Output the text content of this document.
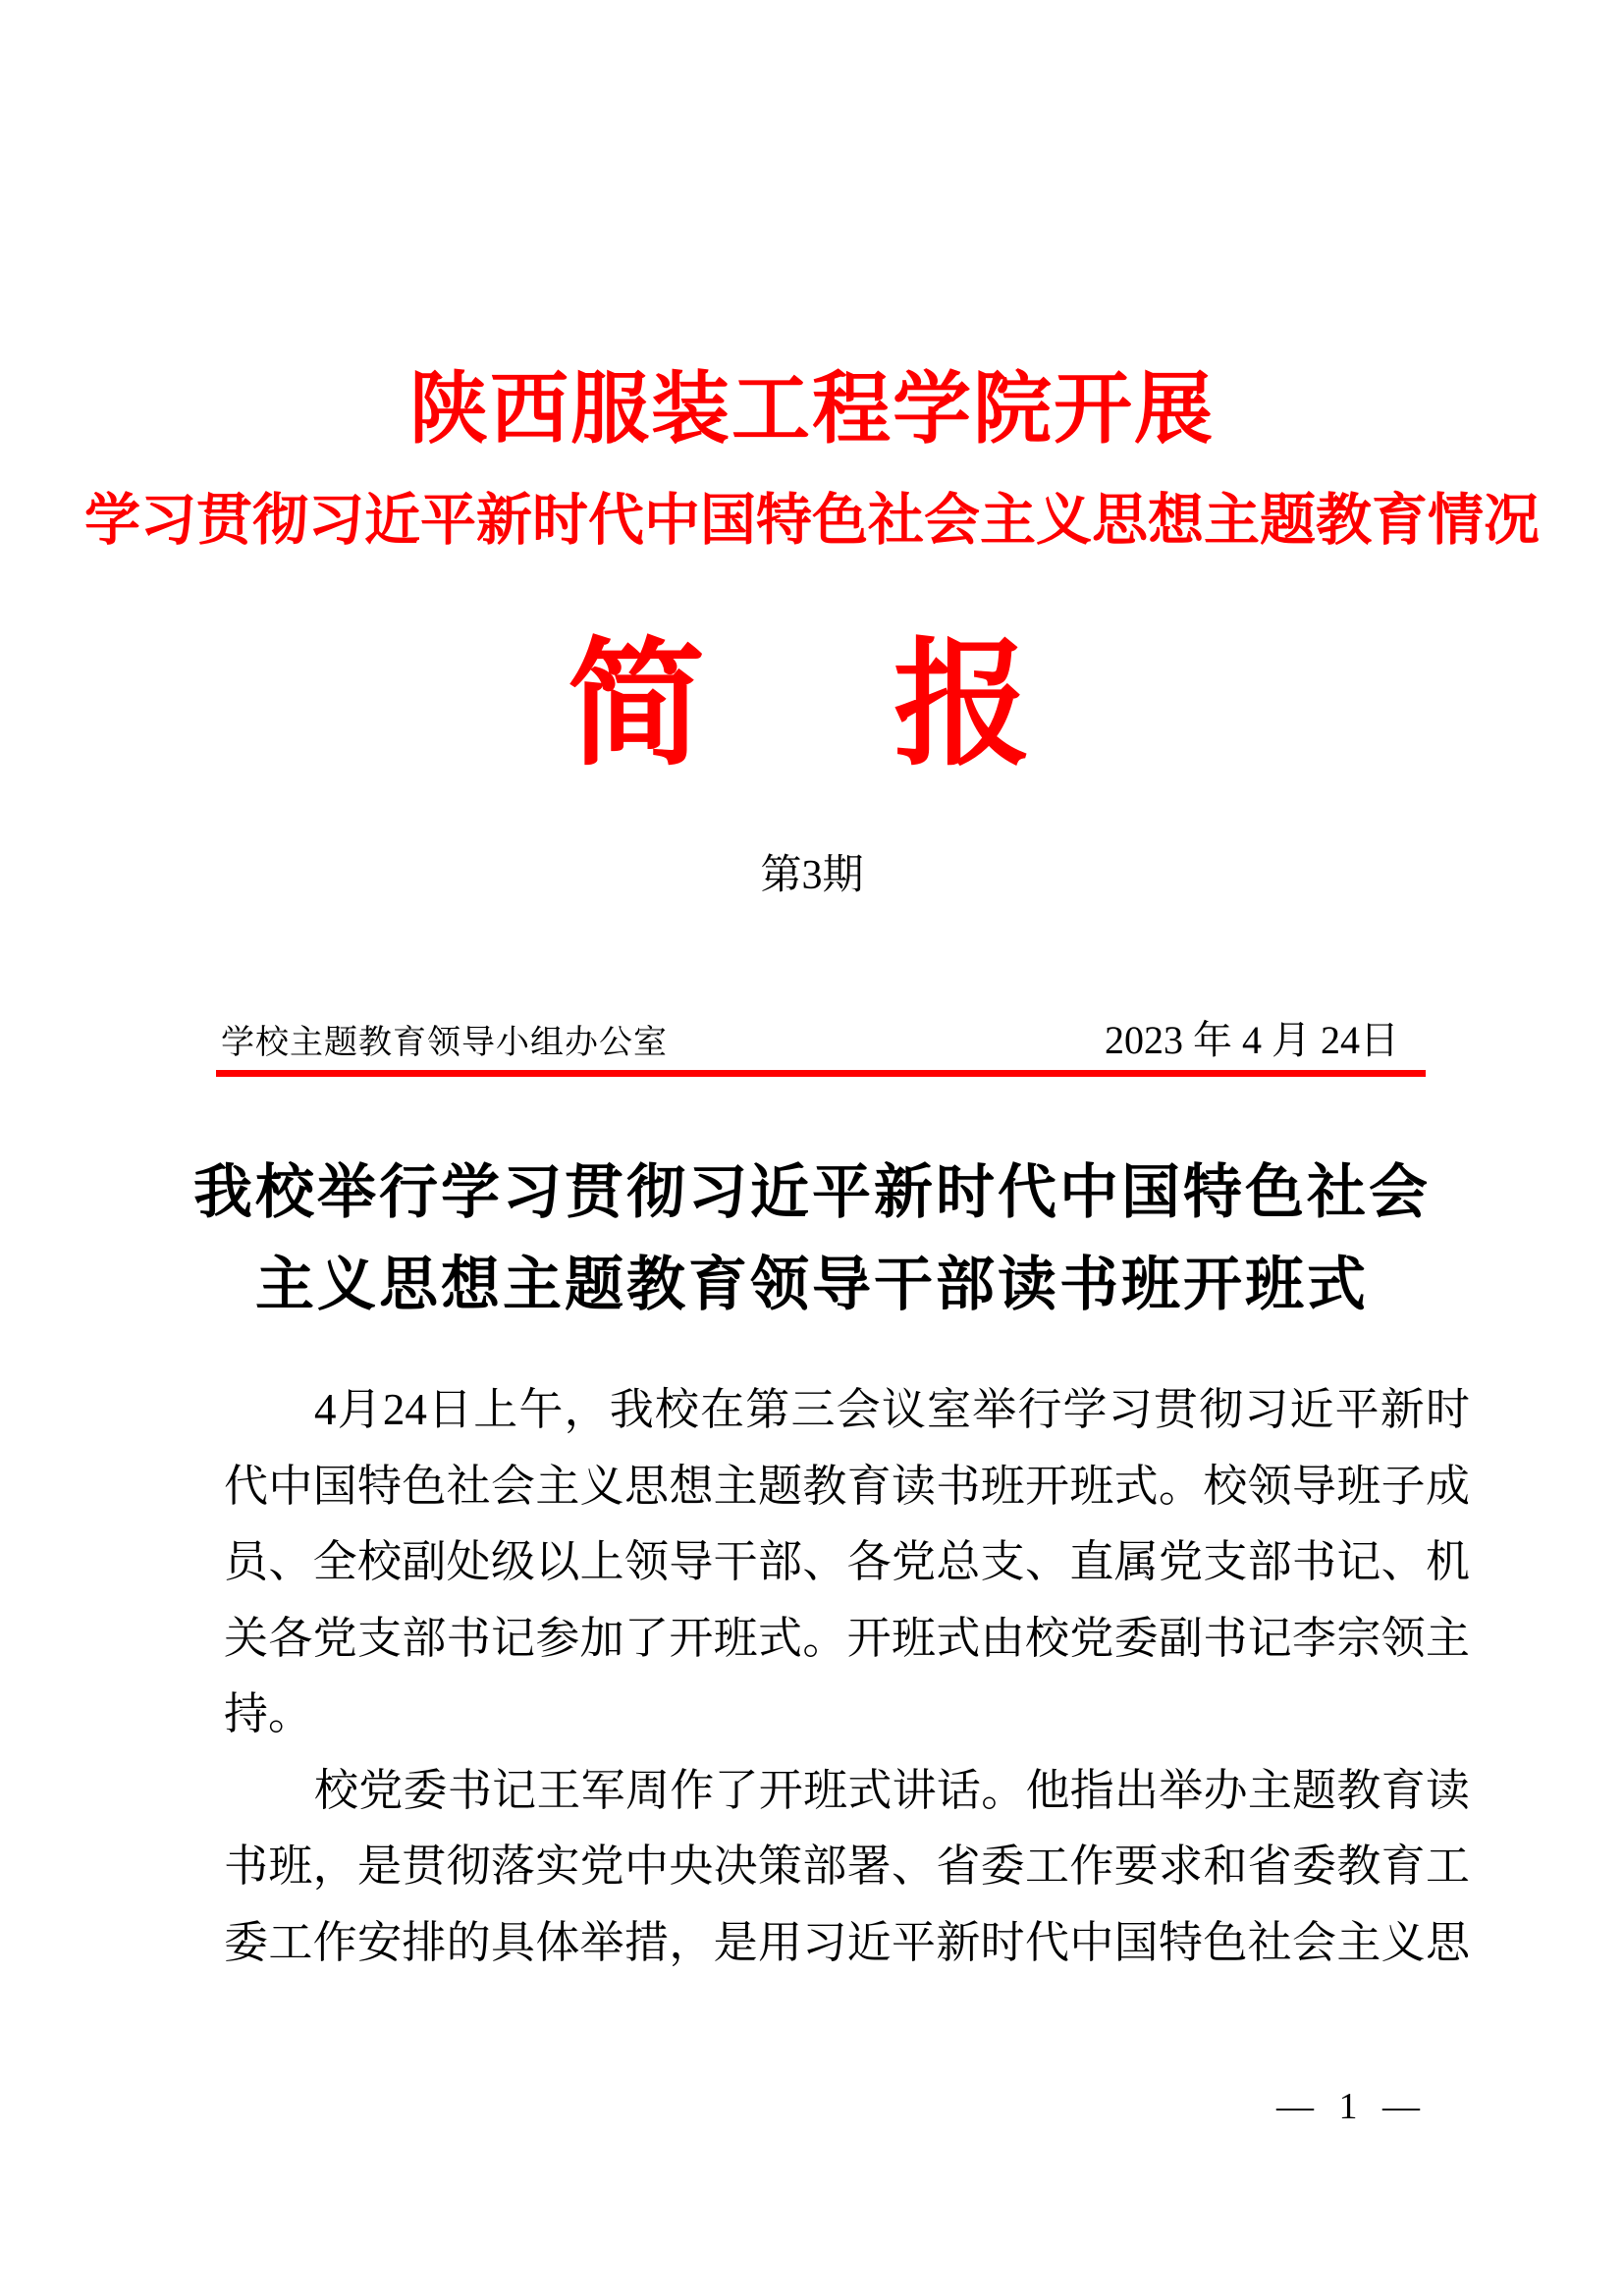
陕西服装工程学院开展
学习贯彻习近平新时代中国特色社会主义思想主题教育情况
简　报
第3期
学校主题教育领导小组办公室	2023 年 4 月 24日
我校举行学习贯彻习近平新时代中国特色社会
主义思想主题教育领导干部读书班开班式
4月24日上午，我校在第三会议室举行学习贯彻习近平新时
代中国特色社会主义思想主题教育读书班开班式。校领导班子成
员、全校副处级以上领导干部、各党总支、直属党支部书记、机
关各党支部书记参加了开班式。开班式由校党委副书记李宗领主
持。
校党委书记王军周作了开班式讲话。他指出举办主题教育读
书班，是贯彻落实党中央决策部署、省委工作要求和省委教育工
委工作安排的具体举措，是用习近平新时代中国特色社会主义思
— 1 —
